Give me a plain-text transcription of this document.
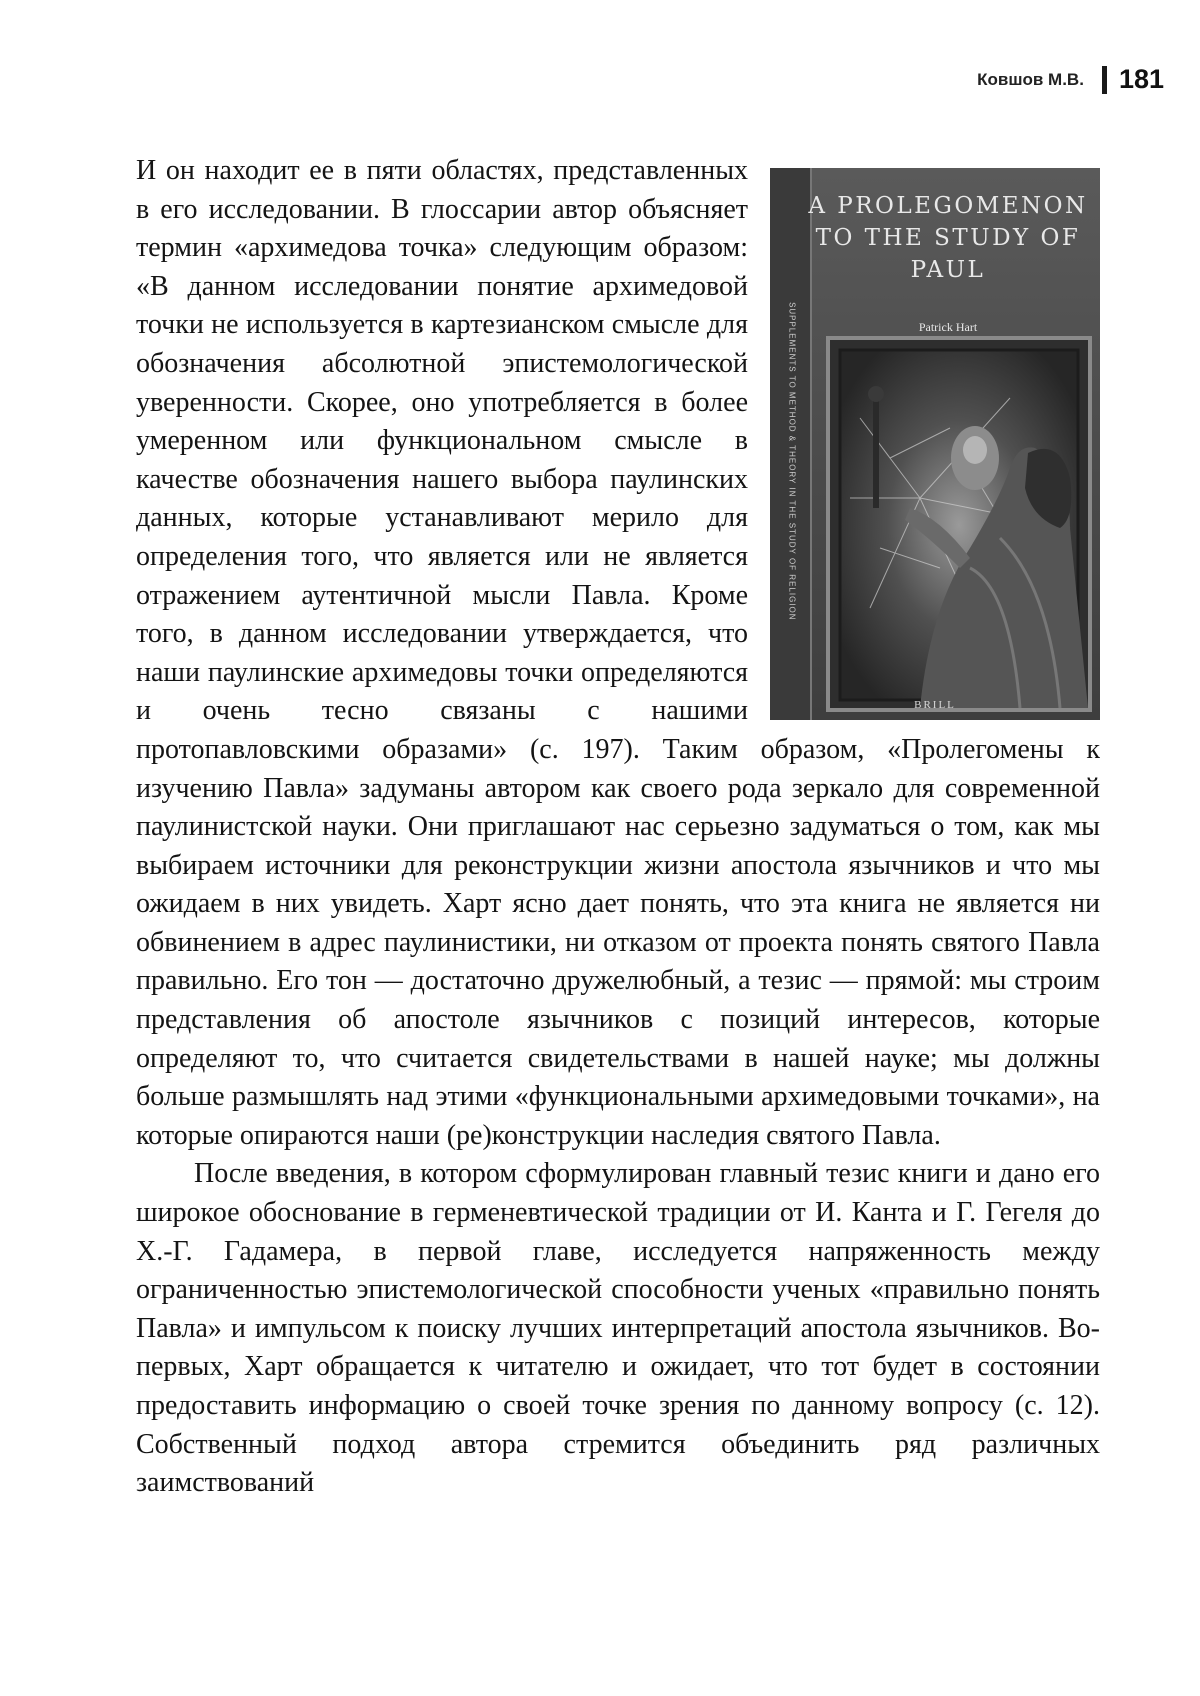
Ковшов М.В. 181

A PROLEGOMENON TO THE STUDY OF PAUL
Patrick Hart
BRILL
SUPPLEMENTS TO METHOD & THEORY IN THE STUDY OF RELIGION
И он находит ее в пяти областях, представленных в его исследовании. В глоссарии автор объясняет термин «архимедова точка» следующим образом: «В данном исследовании понятие архимедовой точки не используется в картезианском смысле для обозначения абсолютной эпистемологической уверенности. Скорее, оно употребляется в более умеренном или функциональном смысле в качестве обозначения нашего выбора паулинских данных, которые устанавливают мерило для определения того, что является или не является отражением аутентичной мысли Павла. Кроме того, в данном исследовании утверждается, что наши паулинские архимедовы точки определяются и очень тесно связаны с нашими протопавловскими образами» (с. 197). Таким образом, «Пролегомены к изучению Павла» задуманы автором как своего рода зеркало для современной паулинистской науки. Они приглашают нас серьезно задуматься о том, как мы выбираем источники для реконструкции жизни апостола язычников и что мы ожидаем в них увидеть. Харт ясно дает понять, что эта книга не является ни обвинением в адрес паулинистики, ни отказом от проекта понять святого Павла правильно. Его тон — достаточно дружелюбный, а тезис — прямой: мы строим представления об апостоле язычников с позиций интересов, которые определяют то, что считается свидетельствами в нашей науке; мы должны больше размышлять над этими «функциональными архимедовыми точками», на которые опираются наши (ре)конструкции наследия святого Павла.

После введения, в котором сформулирован главный тезис книги и дано его широкое обоснование в герменевтической традиции от И. Канта и Г. Гегеля до Х.-Г. Гадамера, в первой главе, исследуется напряженность между ограниченностью эпистемологической способности ученых «правильно понять Павла» и импульсом к поиску лучших интерпретаций апостола язычников. Во-первых, Харт обращается к читателю и ожидает, что тот будет в состоянии предоставить информацию о своей точке зрения по данному вопросу (с. 12). Собственный подход автора стремится объединить ряд различных заимствований
